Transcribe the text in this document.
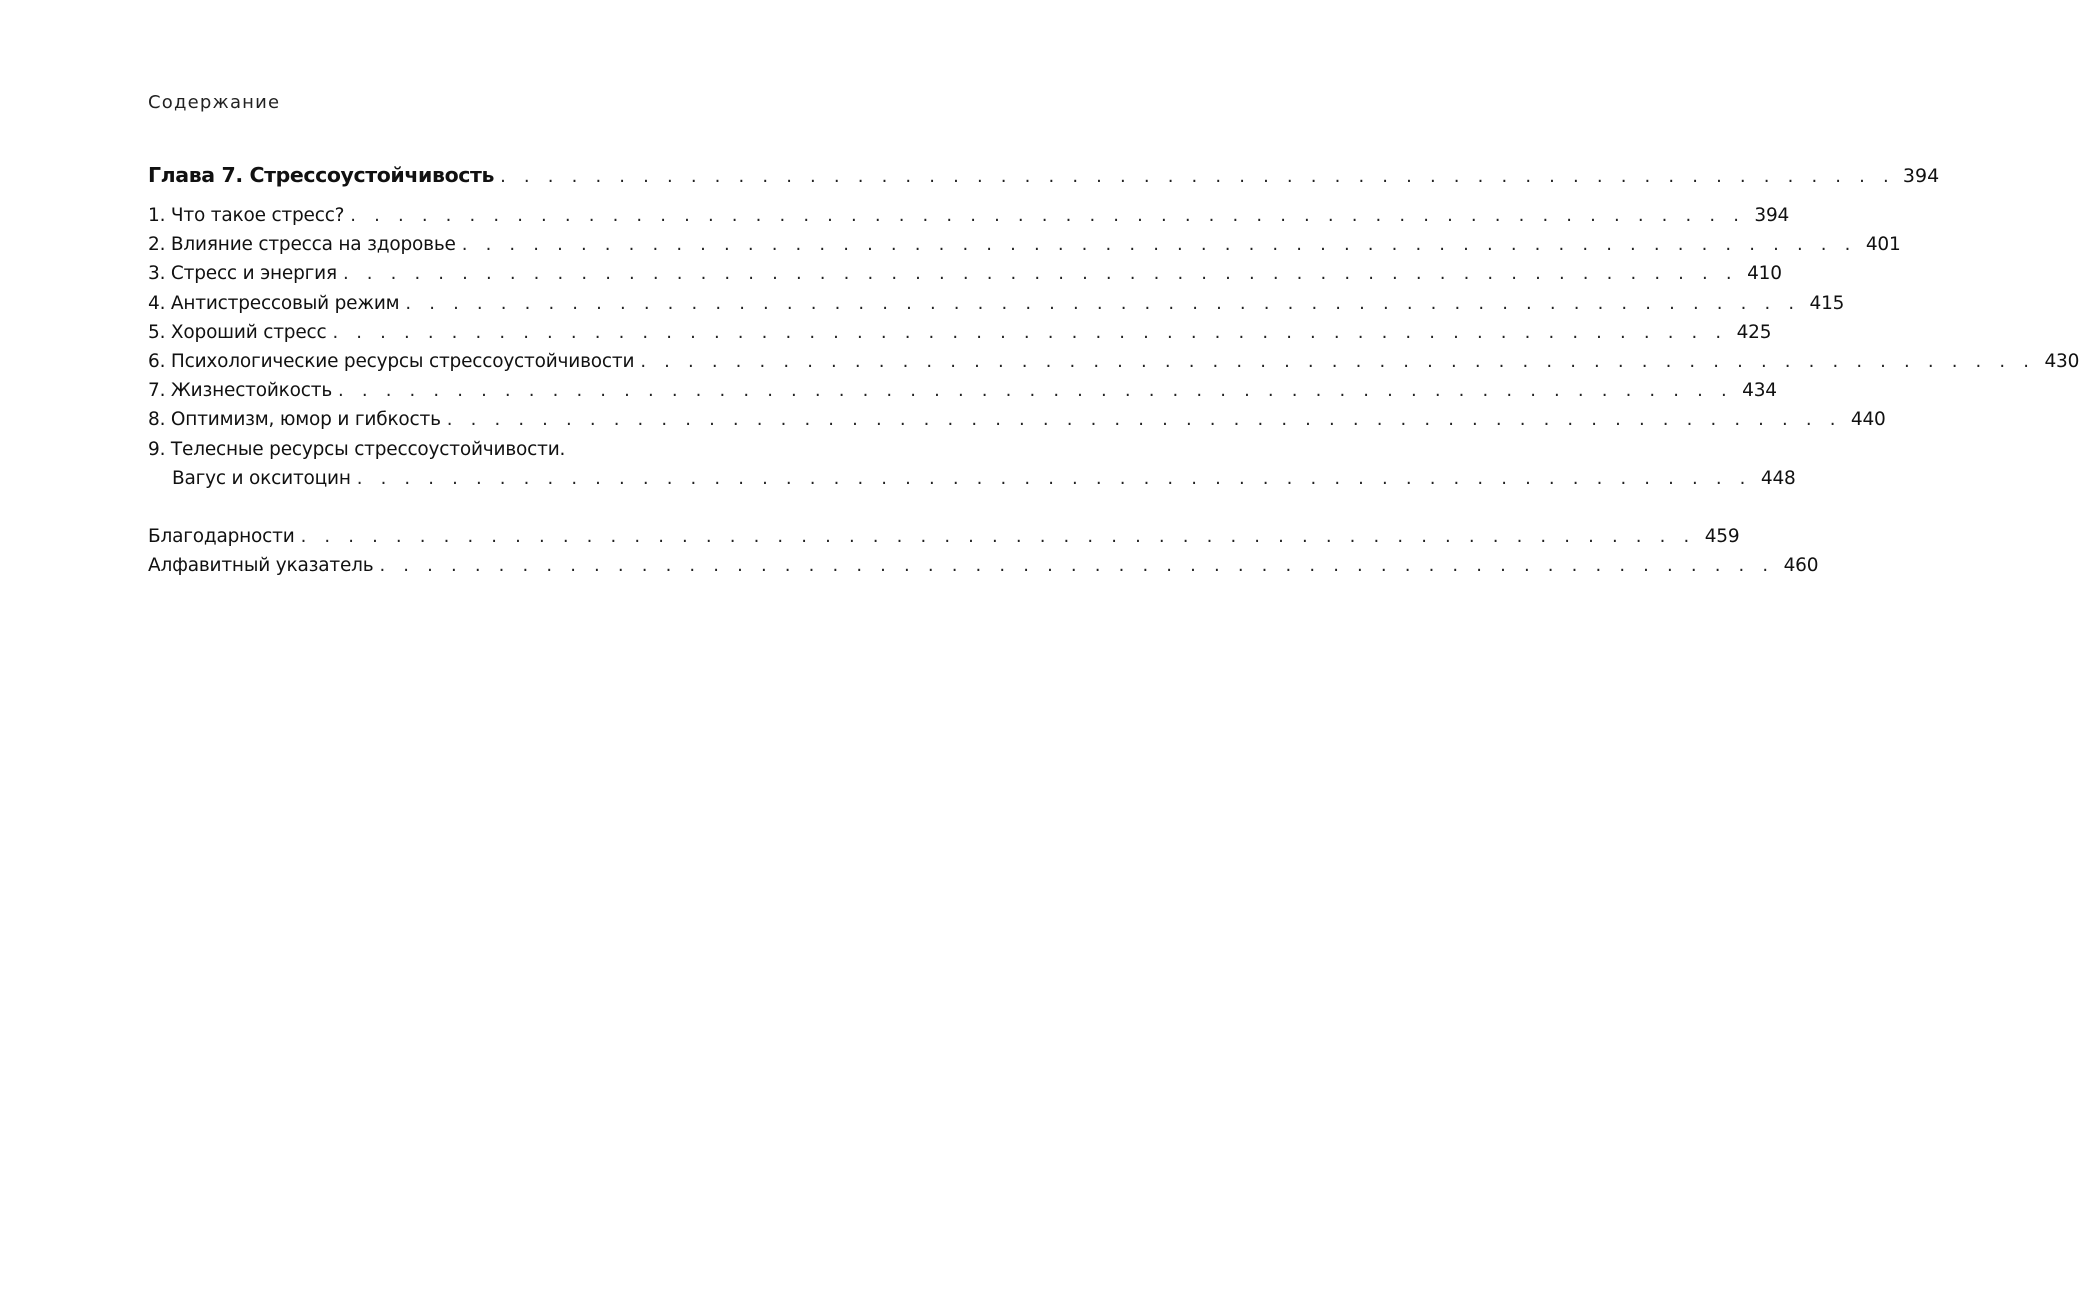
Содержание
Глава 7. Стрессоустойчивость . . . . . . . . . . . . . . . . . . . . . . . . . . . . . . . . . . . . . . . . . . . . . . . . . . . . . . . . . . . 394
1. Что такое стресс? . . . . . . . . . . . . . . . . . . . . . . . . . . . . . . . . . . . . . . . . . . . . . . . . . . . . . . . . . . . 394
2. Влияние стресса на здоровье . . . . . . . . . . . . . . . . . . . . . . . . . . . . . . . . . . . . . . . . . . . . . . . . . . . . . . . . . . . 401
3. Стресс и энергия . . . . . . . . . . . . . . . . . . . . . . . . . . . . . . . . . . . . . . . . . . . . . . . . . . . . . . . . . . . 410
4. Антистрессовый режим . . . . . . . . . . . . . . . . . . . . . . . . . . . . . . . . . . . . . . . . . . . . . . . . . . . . . . . . . . . 415
5. Хороший стресс . . . . . . . . . . . . . . . . . . . . . . . . . . . . . . . . . . . . . . . . . . . . . . . . . . . . . . . . . . . 425
6. Психологические ресурсы стрессоустойчивости . . . . . . . . . . . . . . . . . . . . . . . . . . . . . . . . . . . . . . . . . . . . . . . . . . . . . . . . . . . 430
7. Жизнестойкость . . . . . . . . . . . . . . . . . . . . . . . . . . . . . . . . . . . . . . . . . . . . . . . . . . . . . . . . . . . 434
8. Оптимизм, юмор и гибкость . . . . . . . . . . . . . . . . . . . . . . . . . . . . . . . . . . . . . . . . . . . . . . . . . . . . . . . . . . . 440
9. Телесные ресурсы стрессоустойчивости.
Вагус и окситоцин . . . . . . . . . . . . . . . . . . . . . . . . . . . . . . . . . . . . . . . . . . . . . . . . . . . . . . . . . . . 448
Благодарности . . . . . . . . . . . . . . . . . . . . . . . . . . . . . . . . . . . . . . . . . . . . . . . . . . . . . . . . . . . 459
Алфавитный указатель . . . . . . . . . . . . . . . . . . . . . . . . . . . . . . . . . . . . . . . . . . . . . . . . . . . . . . . . . . . 460
